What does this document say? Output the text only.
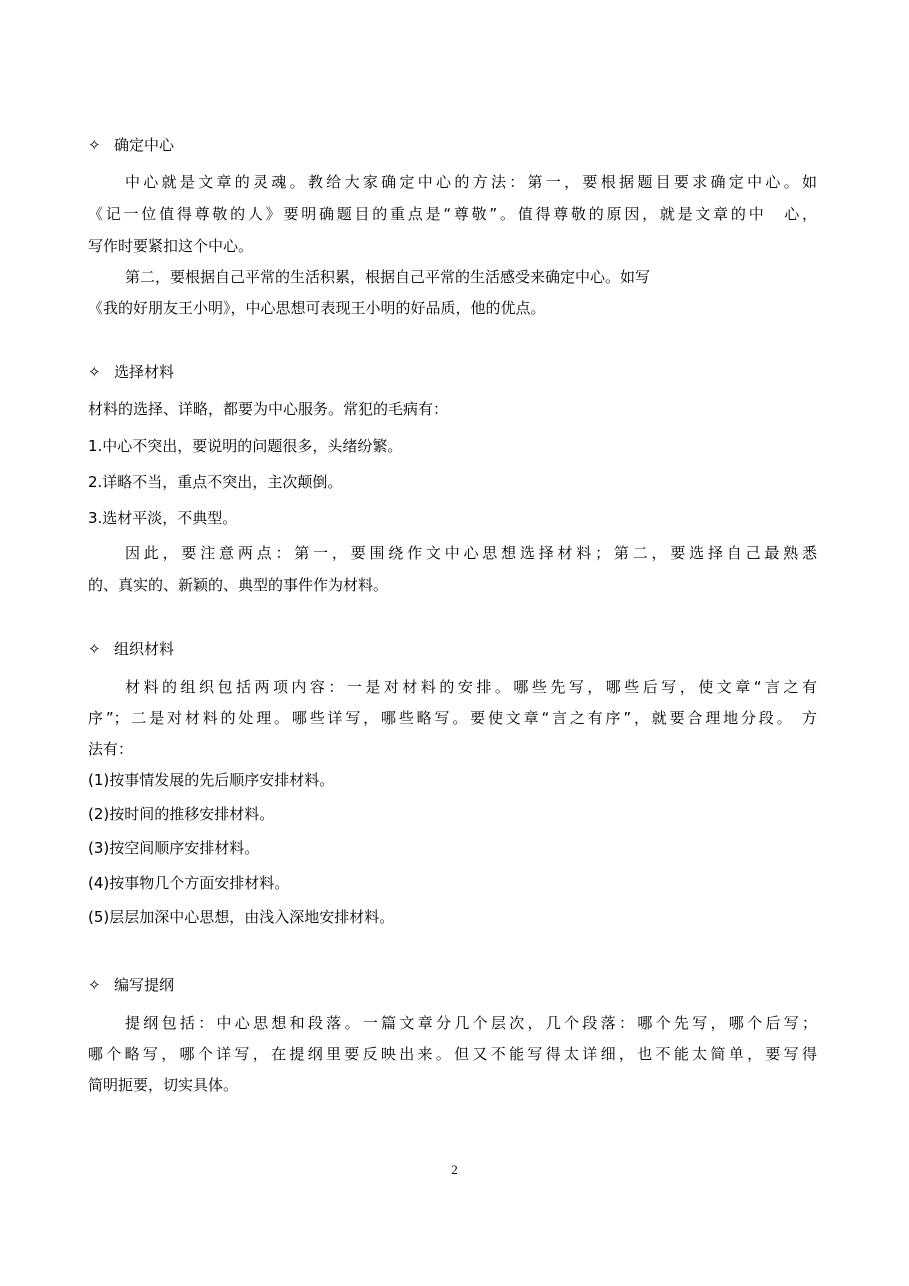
✧ 确定中心
中心就是文章的灵魂。教给大家确定中心的方法：第一，要根据题目要求确定中心。如
《记一位值得尊敬的人》要明确题目的重点是“尊敬”。值得尊敬的原因，就是文章的中　心，
写作时要紧扣这个中心。
第二，要根据自己平常的生活积累，根据自己平常的生活感受来确定中心。如写
《我的好朋友王小明》，中心思想可表现王小明的好品质，他的优点。
✧ 选择材料
材料的选择、详略，都要为中心服务。常犯的毛病有：
1.中心不突出，要说明的问题很多，头绪纷繁。
2.详略不当，重点不突出，主次颠倒。
3.选材平淡，不典型。
因此，要注意两点：第一，要围绕作文中心思想选择材料；第二，要选择自己最熟悉
的、真实的、新颖的、典型的事件作为材料。
✧ 组织材料
材料的组织包括两项内容：一是对材料的安排。哪些先写，哪些后写，使文章“言之有
序”；二是对材料的处理。哪些详写，哪些略写。要使文章“言之有序”，就要合理地分段。 方
法有：
(1)按事情发展的先后顺序安排材料。
(2)按时间的推移安排材料。
(3)按空间顺序安排材料。
(4)按事物几个方面安排材料。
(5)层层加深中心思想，由浅入深地安排材料。
✧ 编写提纲
提纲包括：中心思想和段落。一篇文章分几个层次，几个段落：哪个先写，哪个后写；
哪个略写，哪个详写，在提纲里要反映出来。但又不能写得太详细，也不能太简单，要写得
简明扼要，切实具体。
2
